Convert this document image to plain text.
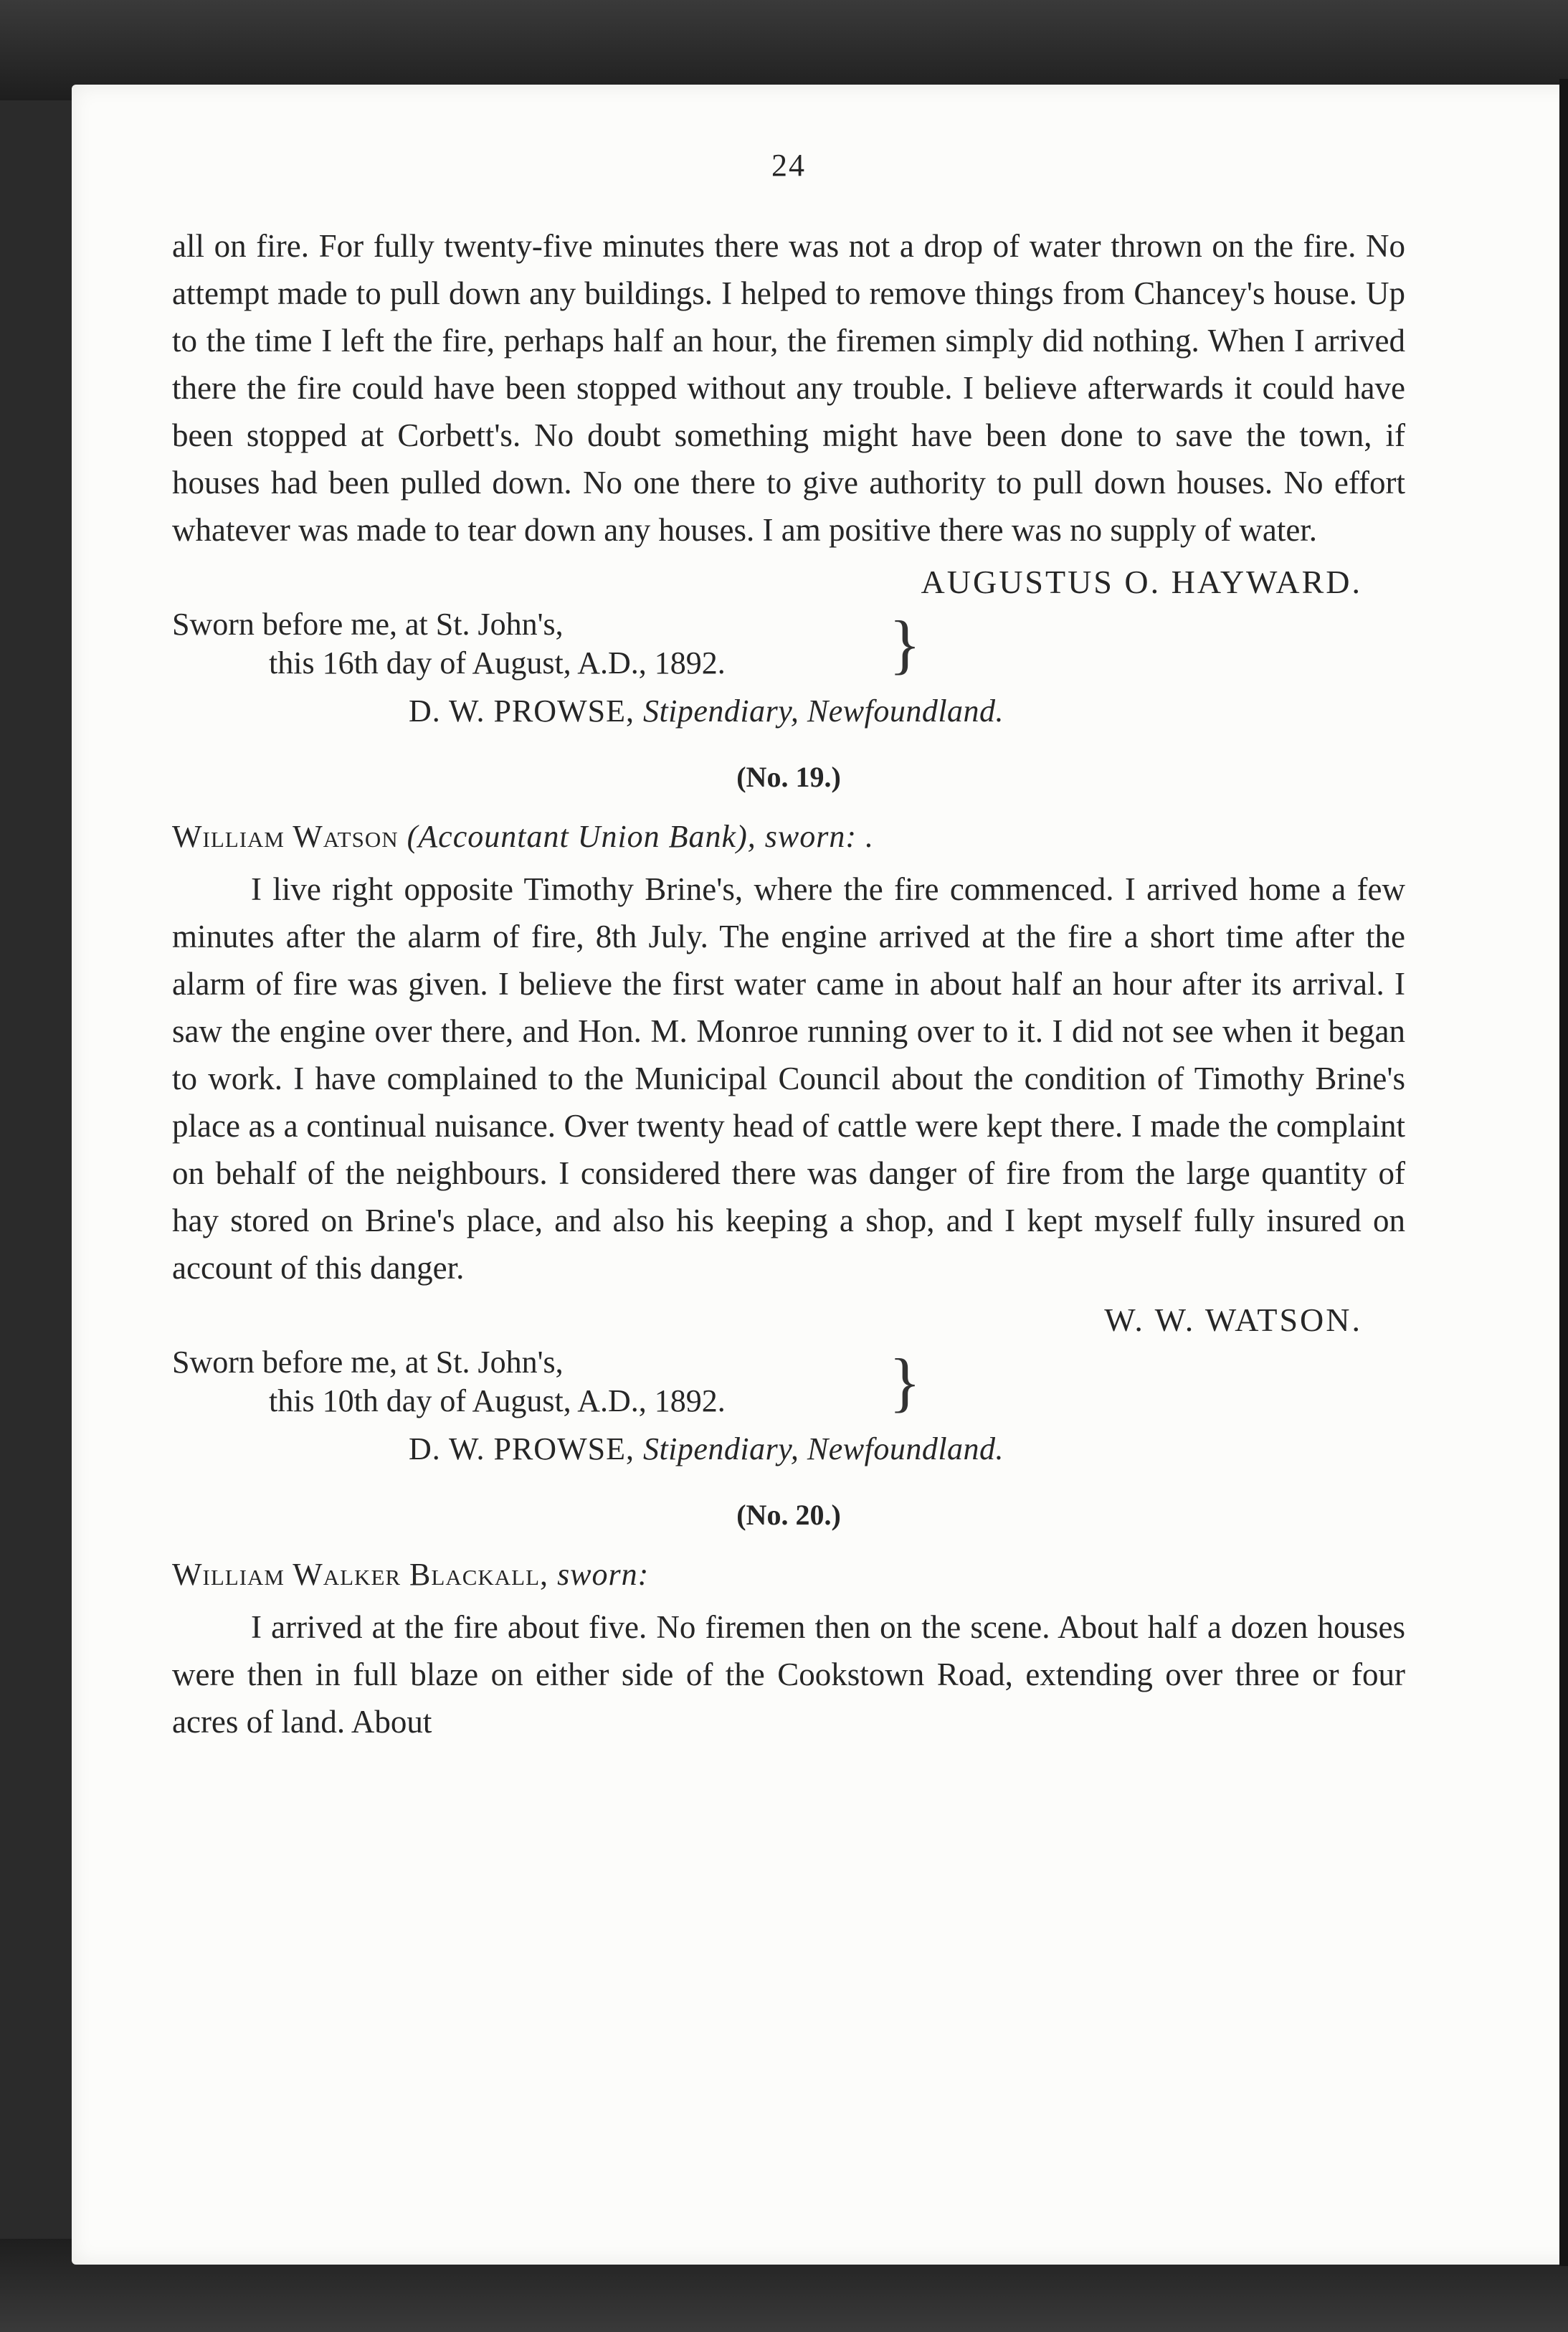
24

all on fire. For fully twenty-five minutes there was not a drop of water thrown on the fire. No attempt made to pull down any buildings. I helped to remove things from Chancey's house. Up to the time I left the fire, perhaps half an hour, the firemen simply did nothing. When I arrived there the fire could have been stopped without any trouble. I believe afterwards it could have been stopped at Corbett's. No doubt something might have been done to save the town, if houses had been pulled down. No one there to give authority to pull down houses. No effort whatever was made to tear down any houses. I am positive there was no supply of water.

AUGUSTUS O. HAYWARD.
Sworn before me, at St. John's,
this 16th day of August, A.D., 1892.	}
D. W. PROWSE, Stipendiary, Newfoundland.
(No. 19.)
William Watson (Accountant Union Bank), sworn: .

I live right opposite Timothy Brine's, where the fire commenced. I arrived home a few minutes after the alarm of fire, 8th July. The engine arrived at the fire a short time after the alarm of fire was given. I believe the first water came in about half an hour after its arrival. I saw the engine over there, and Hon. M. Monroe running over to it. I did not see when it began to work. I have complained to the Municipal Council about the condition of Timothy Brine's place as a continual nuisance. Over twenty head of cattle were kept there. I made the complaint on behalf of the neighbours. I considered there was danger of fire from the large quantity of hay stored on Brine's place, and also his keeping a shop, and I kept myself fully insured on account of this danger.

W. W. WATSON.
Sworn before me, at St. John's,
this 10th day of August, A.D., 1892.	}
D. W. PROWSE, Stipendiary, Newfoundland.
(No. 20.)
William Walker Blackall, sworn:

I arrived at the fire about five. No firemen then on the scene. About half a dozen houses were then in full blaze on either side of the Cookstown Road, extending over three or four acres of land. About
